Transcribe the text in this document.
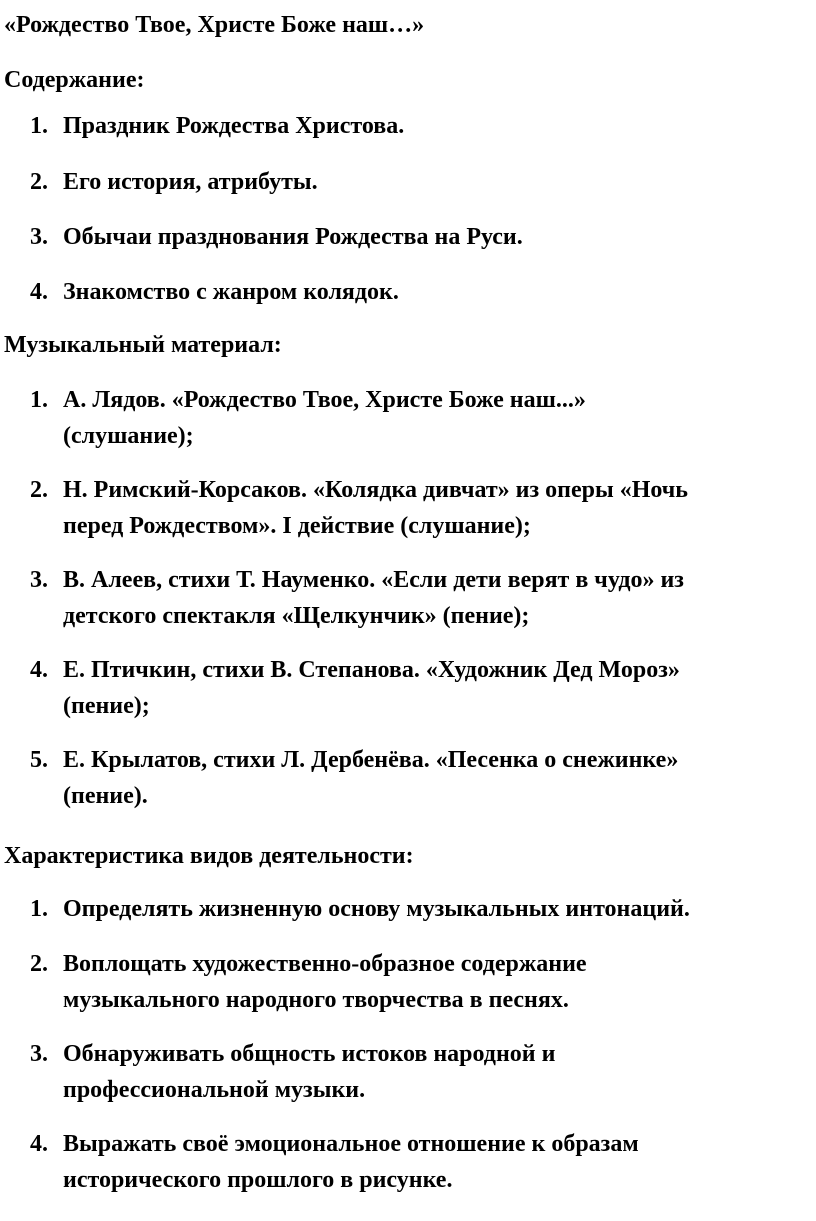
«Рождество Твое, Христе Боже наш…»
Содержание:
1. Праздник Рождества Христова.
2. Его история, атрибуты.
3. Обычаи празднования Рождества на Руси.
4. Знакомство с жанром колядок.
Музыкальный материал:
1. А. Лядов. «Рождество Твое, Христе Боже наш...»
(слушание);
2. Н. Римский-Корсаков. «Колядка дивчат» из оперы «Ночь
перед Рождеством». I действие (слушание);
3. В. Алеев, стихи Т. Науменко. «Если дети верят в чудо» из
детского спектакля «Щелкунчик» (пение);
4. Е. Птичкин, стихи В. Степанова. «Художник Дед Мороз»
(пение);
5. Е. Крылатов, стихи Л. Дербенёва. «Песенка о снежинке»
(пение).
Характеристика видов деятельности:
1. Определять жизненную основу музыкальных интонаций.
2. Воплощать художественно-образное содержание
музыкального народного творчества в песнях.
3. Обнаруживать общность истоков народной и
профессиональной музыки.
4. Выражать своё эмоциональное отношение к образам
исторического прошлого в рисунке.
